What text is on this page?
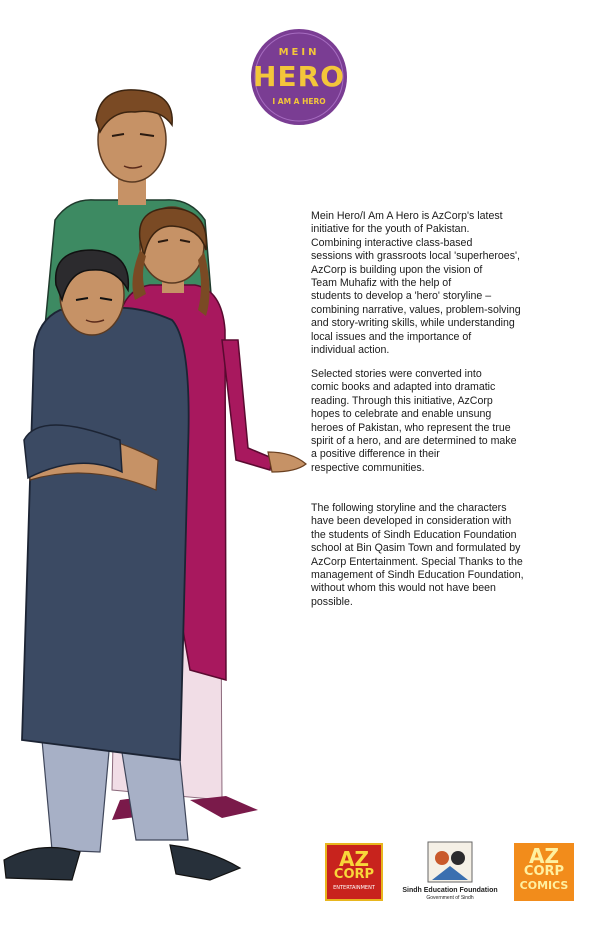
MEIN
HERO
I AM A HERO

Mein Hero/I Am A Hero is AzCorp's latest
initiative for the youth of Pakistan.
Combining interactive class-based
sessions with grassroots local 'superheroes',
AzCorp is building upon the vision of
Team Muhafiz with the help of
students to develop a 'hero' storyline –
combining narrative, values, problem-solving
and story-writing skills, while understanding
local issues and the importance of
individual action.

Selected stories were converted into
comic books and adapted into dramatic
reading. Through this initiative, AzCorp
hopes to celebrate and enable unsung
heroes of Pakistan, who represent the true
spirit of a hero, and are determined to make
a positive difference in their
respective communities.

The following storyline and the characters
have been developed in consideration with
the students of Sindh Education Foundation
school at Bin Qasim Town and formulated by
AzCorp Entertainment. Special Thanks to the
management of Sindh Education Foundation,
without whom this would not have been
possible.

AZ
CORP
ENTERTAINMENT	Sindh Education Foundation
Government of Sindh
AZ
CORP
COMICS
